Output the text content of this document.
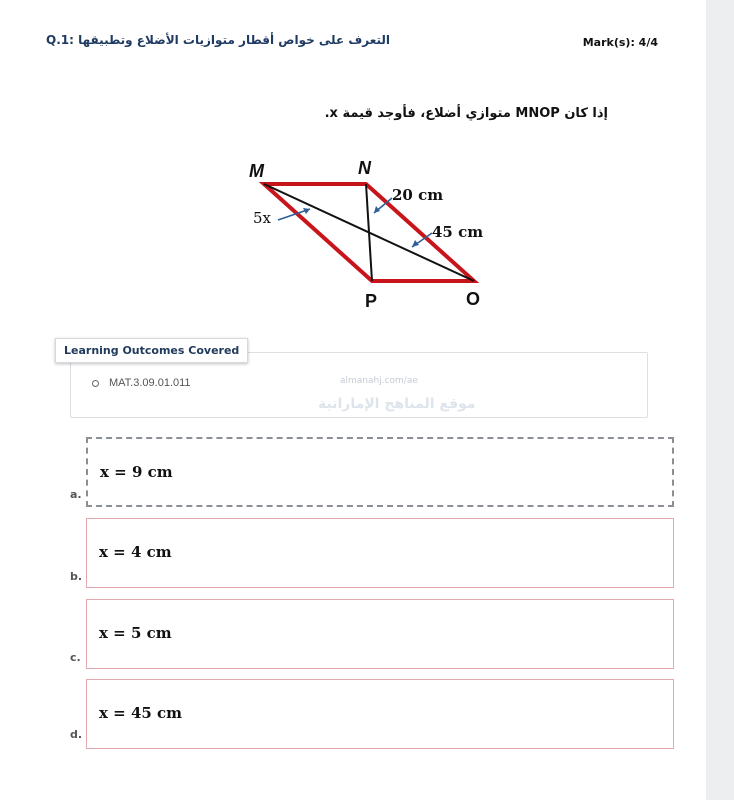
Q.1: التعرف على خواص أقطار متوازيات الأضلاع وتطبيقها	Mark(s): 4/4
إذا كان MNOP متوازي أضلاع، فأوجد قيمة x.
M	N
O
P
5x
20 cm
45 cm
Learning Outcomes Covered
MAT.3.09.01.011	almanahj.com/ae
موقع المناهج الإماراتية
x = 9 cm
a.
x = 4 cm
b.
x = 5 cm
c.
x = 45 cm
d.
